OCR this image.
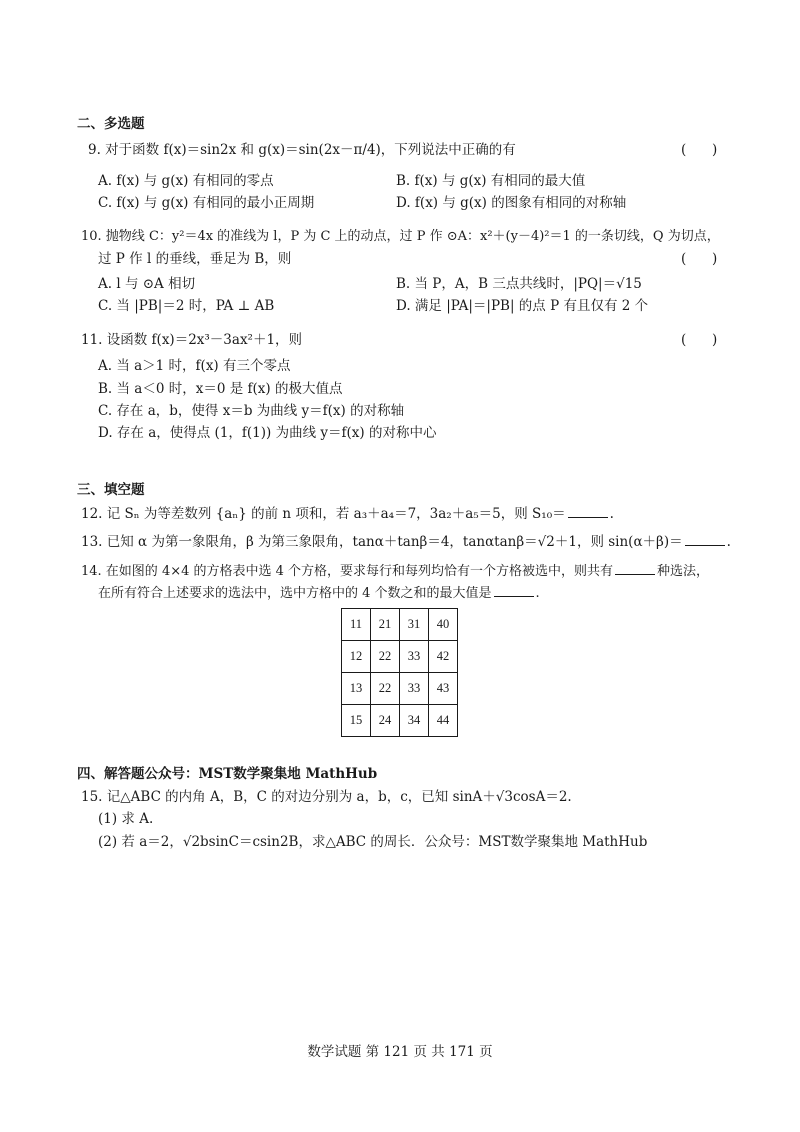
二、多选题
9. 对于函数 f(x)＝sin2x 和 g(x)＝sin(2x－π/4)，下列说法中正确的有	(      )
A. f(x) 与 g(x) 有相同的零点	B. f(x) 与 g(x) 有相同的最大值
C. f(x) 与 g(x) 有相同的最小正周期	D. f(x) 与 g(x) 的图象有相同的对称轴
10. 抛物线 C：y²＝4x 的准线为 l，P 为 C 上的动点，过 P 作 ⊙A：x²＋(y－4)²＝1 的一条切线，Q 为切点，
过 P 作 l 的垂线，垂足为 B，则	(      )
A. l 与 ⊙A 相切	B. 当 P，A，B 三点共线时，|PQ|＝√15
C. 当 |PB|＝2 时，PA ⊥ AB	D. 满足 |PA|＝|PB| 的点 P 有且仅有 2 个
11. 设函数 f(x)＝2x³－3ax²＋1，则	(      )
A. 当 a＞1 时，f(x) 有三个零点
B. 当 a＜0 时，x＝0 是 f(x) 的极大值点
C. 存在 a，b，使得 x＝b 为曲线 y＝f(x) 的对称轴
D. 存在 a，使得点 (1，f(1)) 为曲线 y＝f(x) 的对称中心
三、填空题
12. 记 Sₙ 为等差数列 {aₙ} 的前 n 项和，若 a₃＋a₄＝7，3a₂＋a₅＝5，则 S₁₀＝	.
13. 已知 α 为第一象限角，β 为第三象限角，tanα＋tanβ＝4，tanαtanβ＝√2＋1，则 sin(α＋β)＝	.
14. 在如图的 4×4 的方格表中选 4 个方格，要求每行和每列均恰有一个方格被选中，则共有	种选法，
在所有符合上述要求的选法中，选中方格中的 4 个数之和的最大值是	.
11	21	31	40
12	22	33	42
13	22	33	43
15	24	34	44
四、解答题公众号：MST数学聚集地 MathHub
15. 记△ABC 的内角 A，B，C 的对边分别为 a，b，c，已知 sinA＋√3cosA＝2.
(1) 求 A.
(2) 若 a＝2，√2bsinC＝csin2B，求△ABC 的周长．公众号：MST数学聚集地 MathHub
数学试题 第 121 页 共 171 页
